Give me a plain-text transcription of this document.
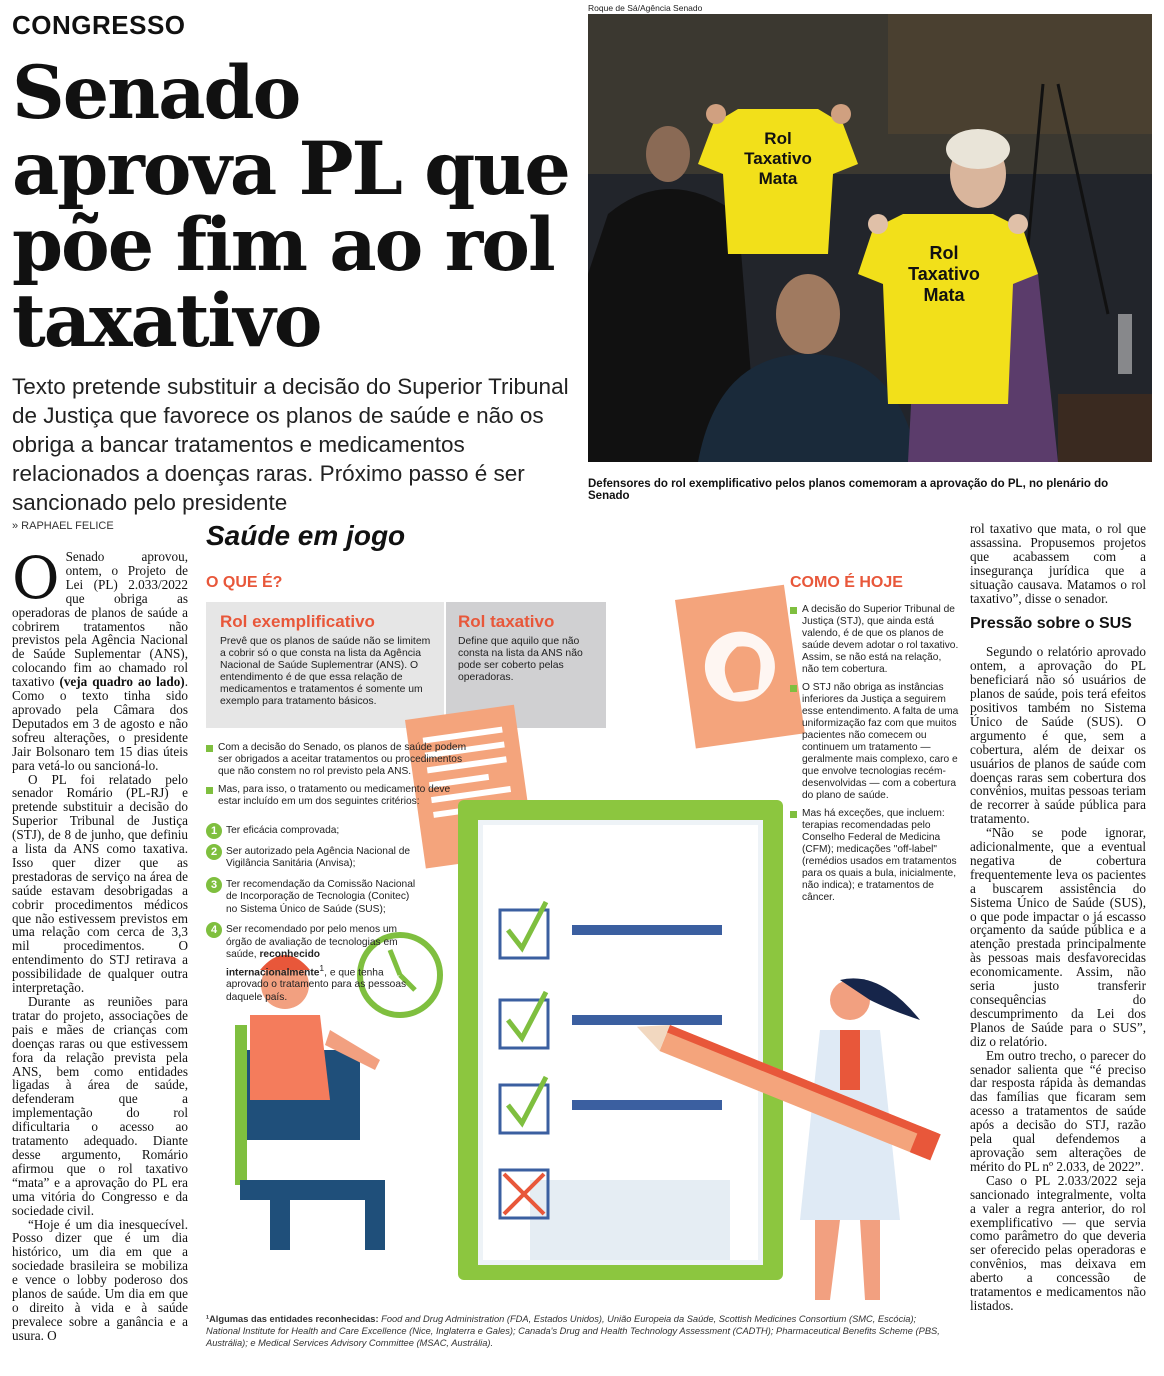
CONGRESSO
Senado aprova PL que põe fim ao rol taxativo

Texto pretende substituir a decisão do Superior Tribunal de Justiça que favorece os planos de saúde e não os obriga a bancar tratamentos e medicamentos relacionados a doenças raras. Próximo passo é ser sancionado pelo presidente

Roque de Sá/Agência Senado
Rol
Taxativo
Mata
Rol
Taxativo
Mata
Defensores do rol exemplificativo pelos planos comemoram a aprovação do PL, no plenário do Senado
» RAPHAEL FELICE

O Senado aprovou, ontem, o Projeto de Lei (PL) 2.033/2022 que obriga as operadoras de planos de saúde a cobrirem tratamentos não previstos pela Agência Nacional de Saúde Suplementar (ANS), colocando fim ao chamado rol taxativo (veja quadro ao lado). Como o texto tinha sido aprovado pela Câmara dos Deputados em 3 de agosto e não sofreu alterações, o presidente Jair Bolsonaro tem 15 dias úteis para vetá-lo ou sancioná-lo.

O PL foi relatado pelo senador Romário (PL-RJ) e pretende substituir a decisão do Superior Tribunal de Justiça (STJ), de 8 de junho, que definiu a lista da ANS como taxativa. Isso quer dizer que as prestadoras de serviço na área de saúde estavam desobrigadas a cobrir procedimentos médicos que não estivessem previstos em uma relação com cerca de 3,3 mil procedimentos. O entendimento do STJ retirava a possibilidade de qualquer outra interpretação.

Durante as reuniões para tratar do projeto, associações de pais e mães de crianças com doenças raras ou que estivessem fora da relação prevista pela ANS, bem como entidades ligadas à área de saúde, defenderam que a implementação do rol dificultaria o acesso ao tratamento adequado. Diante desse argumento, Romário afirmou que o rol taxativo “mata” e a aprovação do PL era uma vitória do Congresso e da sociedade civil.

“Hoje é um dia inesquecível. Posso dizer que é um dia histórico, um dia em que a sociedade brasileira se mobiliza e vence o lobby poderoso dos planos de saúde. Um dia em que o direito à vida e à saúde prevalece sobre a ganância e a usura. O

Saúde em jogo
O QUE É?	COMO É HOJE
Rol exemplificativo
Prevê que os planos de saúde não se limitem a cobrir só o que consta na lista da Agência Nacional de Saúde Suplementrar (ANS). O entendimento é de que essa relação de medicamentos e tratamentos é somente um exemplo para tratamento básicos.
Rol taxativo
Define que aquilo que não consta na lista da ANS não pode ser coberto pelas operadoras.
Com a decisão do Senado, os planos de saúde podem ser obrigados a aceitar tratamentos ou procedimentos que não constem no rol previsto pela ANS.
Mas, para isso, o tratamento ou medicamento deve estar incluído em um dos seguintes critérios:
1 Ter eficácia comprovada;
2 Ser autorizado pela Agência Nacional de Vigilância Sanitária (Anvisa);
3 Ter recomendação da Comissão Nacional de Incorporação de Tecnologia (Conitec) no Sistema Único de Saúde (SUS);
4 Ser recomendado por pelo menos um órgão de avaliação de tecnologias em saúde, reconhecido internacionalmente$^1$, e que tenha aprovado o tratamento para as pessoas daquele país.
A decisão do Superior Tribunal de Justiça (STJ), que ainda está valendo, é de que os planos de saúde devem adotar o rol taxativo. Assim, se não está na relação, não tem cobertura.
O STJ não obriga as instâncias inferiores da Justiça a seguirem esse entendimento. A falta de uma uniformização faz com que muitos pacientes não comecem ou continuem um tratamento — geralmente mais complexo, caro e que envolve tecnologias recém-desenvolvidas — com a cobertura do plano de saúde.
Mas há exceções, que incluem: terapias recomendadas pelo Conselho Federal de Medicina (CFM); medicações "off-label" (remédios usados em tratamentos para os quais a bula, inicialmente, não indica); e tratamentos de câncer.
¹Algumas das entidades reconhecidas: Food and Drug Administration (FDA, Estados Unidos), União Europeia da Saúde, Scottish Medicines Consortium (SMC, Escócia); National Institute for Health and Care Excellence (Nice, Inglaterra e Gales); Canada's Drug and Health Technology Assessment (CADTH); Pharmaceutical Benefits Scheme (PBS, Austrália); e Medical Services Advisory Committee (MSAC, Austrália).

rol taxativo que mata, o rol que assassina. Propusemos projetos que acabassem com a insegurança jurídica que a situação causava. Matamos o rol taxativo”, disse o senador.

Pressão sobre o SUS

Segundo o relatório aprovado ontem, a aprovação do PL beneficiará não só usuários de planos de saúde, pois terá efeitos positivos também no Sistema Único de Saúde (SUS). O argumento é que, sem a cobertura, além de deixar os usuários de planos de saúde com doenças raras sem cobertura dos convênios, muitas pessoas teriam de recorrer à saúde pública para tratamento.

“Não se pode ignorar, adicionalmente, que a eventual negativa de cobertura frequentemente leva os pacientes a buscarem assistência do Sistema Único de Saúde (SUS), o que pode impactar o já escasso orçamento da saúde pública e a atenção prestada principalmente às pessoas mais desfavorecidas economicamente. Assim, não seria justo transferir consequências do descumprimento da Lei dos Planos de Saúde para o SUS”, diz o relatório.

Em outro trecho, o parecer do senador salienta que “é preciso dar resposta rápida às demandas das famílias que ficaram sem acesso a tratamentos de saúde após a decisão do STJ, razão pela qual defendemos a aprovação sem alterações de mérito do PL nº 2.033, de 2022”.

Caso o PL 2.033/2022 seja sancionado integralmente, volta a valer a regra anterior, do rol exemplificativo — que servia como parâmetro do que deveria ser oferecido pelas operadoras e convênios, mas deixava em aberto a concessão de tratamentos e medicamentos não listados.
